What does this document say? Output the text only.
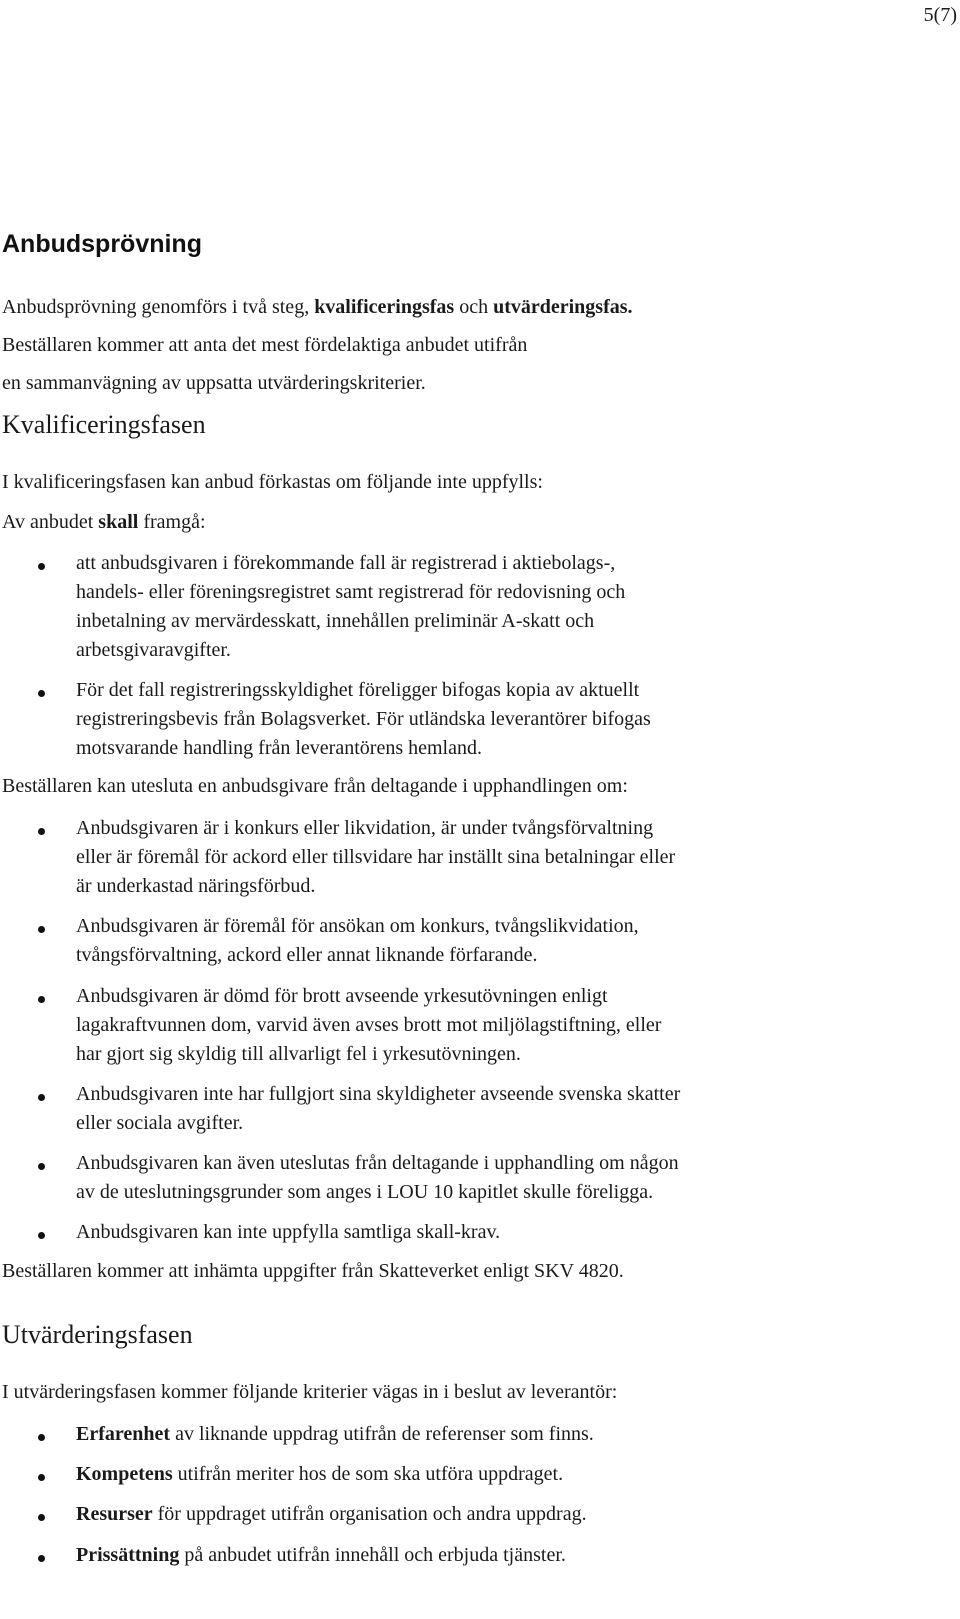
5(7)
Anbudsprövning

Anbudsprövning genomförs i två steg, kvalificeringsfas och utvärderingsfas.

Beställaren kommer att anta det mest fördelaktiga anbudet utifrån

en sammanvägning av uppsatta utvärderingskriterier.

Kvalificeringsfasen

I kvalificeringsfasen kan anbud förkastas om följande inte uppfylls:

Av anbudet skall framgå:

att anbudsgivaren i förekommande fall är registrerad i aktiebolags-,
handels- eller föreningsregistret samt registrerad för redovisning och
inbetalning av mervärdesskatt, innehållen preliminär A-skatt och
arbetsgivaravgifter.
För det fall registreringsskyldighet föreligger bifogas kopia av aktuellt
registreringsbevis från Bolagsverket. För utländska leverantörer bifogas
motsvarande handling från leverantörens hemland.

Beställaren kan utesluta en anbudsgivare från deltagande i upphandlingen om:

Anbudsgivaren är i konkurs eller likvidation, är under tvångsförvaltning
eller är föremål för ackord eller tillsvidare har inställt sina betalningar eller
är underkastad näringsförbud.
Anbudsgivaren är föremål för ansökan om konkurs, tvångslikvidation,
tvångsförvaltning, ackord eller annat liknande förfarande.
Anbudsgivaren är dömd för brott avseende yrkesutövningen enligt
lagakraftvunnen dom, varvid även avses brott mot miljölagstiftning, eller
har gjort sig skyldig till allvarligt fel i yrkesutövningen.
Anbudsgivaren inte har fullgjort sina skyldigheter avseende svenska skatter
eller sociala avgifter.
Anbudsgivaren kan även uteslutas från deltagande i upphandling om någon
av de uteslutningsgrunder som anges i LOU 10 kapitlet skulle föreligga.
Anbudsgivaren kan inte uppfylla samtliga skall-krav.

Beställaren kommer att inhämta uppgifter från Skatteverket enligt SKV 4820.

Utvärderingsfasen

I utvärderingsfasen kommer följande kriterier vägas in i beslut av leverantör:

Erfarenhet av liknande uppdrag utifrån de referenser som finns.
Kompetens utifrån meriter hos de som ska utföra uppdraget.
Resurser för uppdraget utifrån organisation och andra uppdrag.
Prissättning på anbudet utifrån innehåll och erbjuda tjänster.
